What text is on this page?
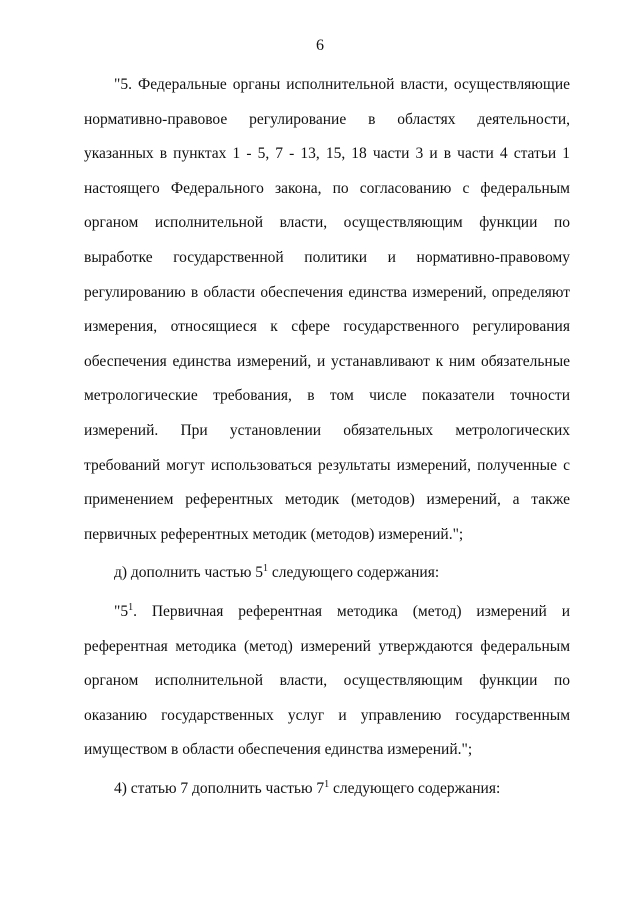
6

"5. Федеральные органы исполнительной власти, осуществляющие нормативно-правовое регулирование в областях деятельности, указанных в пунктах 1 - 5, 7 - 13, 15, 18 части 3 и в части 4 статьи 1 настоящего Федерального закона, по согласованию с федеральным органом исполнительной власти, осуществляющим функции по выработке государственной политики и нормативно-правовому регулированию в области обеспечения единства измерений, определяют измерения, относящиеся к сфере государственного регулирования обеспечения единства измерений, и устанавливают к ним обязательные метрологические требования, в том числе показатели точности измерений. При установлении обязательных метрологических требований могут использоваться результаты измерений, полученные с применением референтных методик (методов) измерений, а также первичных референтных методик (методов) измерений.";

д) дополнить частью $5^1$ следующего содержания:

"$5^1$. Первичная референтная методика (метод) измерений и референтная методика (метод) измерений утверждаются федеральным органом исполнительной власти, осуществляющим функции по оказанию государственных услуг и управлению государственным имуществом в области обеспечения единства измерений.";

4) статью 7 дополнить частью $7^1$ следующего содержания:
